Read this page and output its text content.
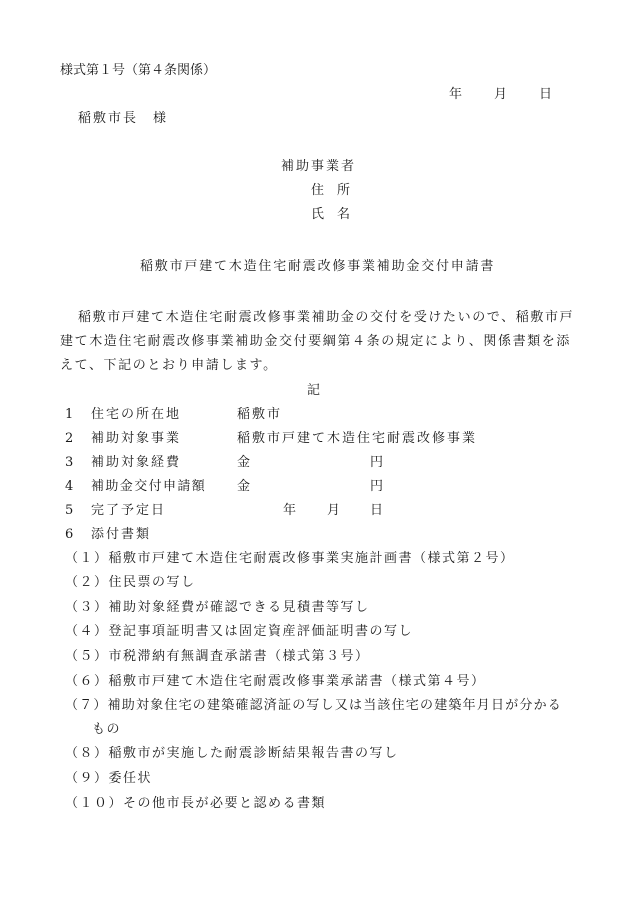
様式第１号（第４条関係）
年 月 日
稲敷市長　様
補助事業者
住　所
氏　名
稲敷市戸建て木造住宅耐震改修事業補助金交付申請書
稲敷市戸建て木造住宅耐震改修事業補助金の交付を受けたいので、稲敷市戸
建て木造住宅耐震改修事業補助金交付要綱第４条の規定により、関係書類を添
えて、下記のとおり申請します。
記
1 住宅の所在地	稲敷市
2 補助対象事業	稲敷市戸建て木造住宅耐震改修事業
3 補助対象経費	金	円
4 補助金交付申請額 金	円
5 完了予定日	年 月 日
6 添付書類
（１）稲敷市戸建て木造住宅耐震改修事業実施計画書（様式第２号）
（２）住民票の写し
（３）補助対象経費が確認できる見積書等写し
（４）登記事項証明書又は固定資産評価証明書の写し
（５）市税滞納有無調査承諾書（様式第３号）
（６）稲敷市戸建て木造住宅耐震改修事業承諾書（様式第４号）
（７）補助対象住宅の建築確認済証の写し又は当該住宅の建築年月日が分かる
もの
（８）稲敷市が実施した耐震診断結果報告書の写し
（９）委任状
（１０）その他市長が必要と認める書類
